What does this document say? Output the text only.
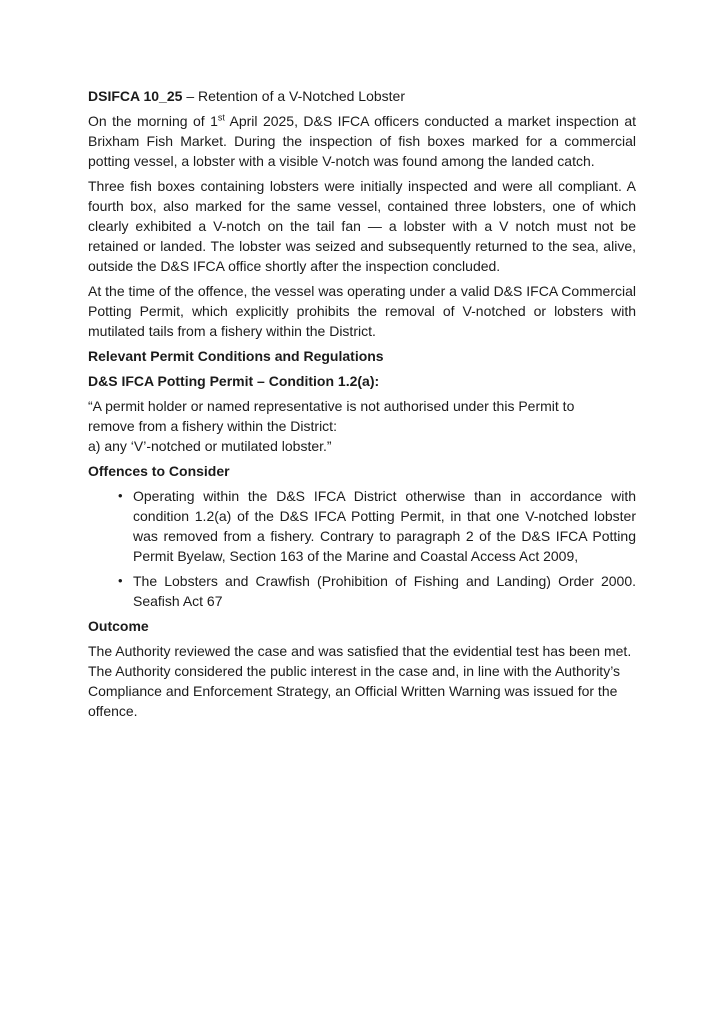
DSIFCA 10_25 – Retention of a V-Notched Lobster

On the morning of 1st April 2025, D&S IFCA officers conducted a market inspection at Brixham Fish Market. During the inspection of fish boxes marked for a commercial potting vessel, a lobster with a visible V-notch was found among the landed catch.

Three fish boxes containing lobsters were initially inspected and were all compliant. A fourth box, also marked for the same vessel, contained three lobsters, one of which clearly exhibited a V-notch on the tail fan — a lobster with a V notch must not be retained or landed. The lobster was seized and subsequently returned to the sea, alive, outside the D&S IFCA office shortly after the inspection concluded.

At the time of the offence, the vessel was operating under a valid D&S IFCA Commercial Potting Permit, which explicitly prohibits the removal of V-notched or lobsters with mutilated tails from a fishery within the District.

Relevant Permit Conditions and Regulations

D&S IFCA Potting Permit – Condition 1.2(a):

“A permit holder or named representative is not authorised under this Permit to

remove from a fishery within the District:

a) any ‘V’-notched or mutilated lobster.”

Offences to Consider

• Operating within the D&S IFCA District otherwise than in accordance with condition 1.2(a) of the D&S IFCA Potting Permit, in that one V-notched lobster was removed from a fishery. Contrary to paragraph 2 of the D&S IFCA Potting Permit Byelaw, Section 163 of the Marine and Coastal Access Act 2009,
• The Lobsters and Crawfish (Prohibition of Fishing and Landing) Order 2000. Seafish Act 67

Outcome

The Authority reviewed the case and was satisfied that the evidential test has been met. The Authority considered the public interest in the case and, in line with the Authority’s Compliance and Enforcement Strategy, an Official Written Warning was issued for the offence.
